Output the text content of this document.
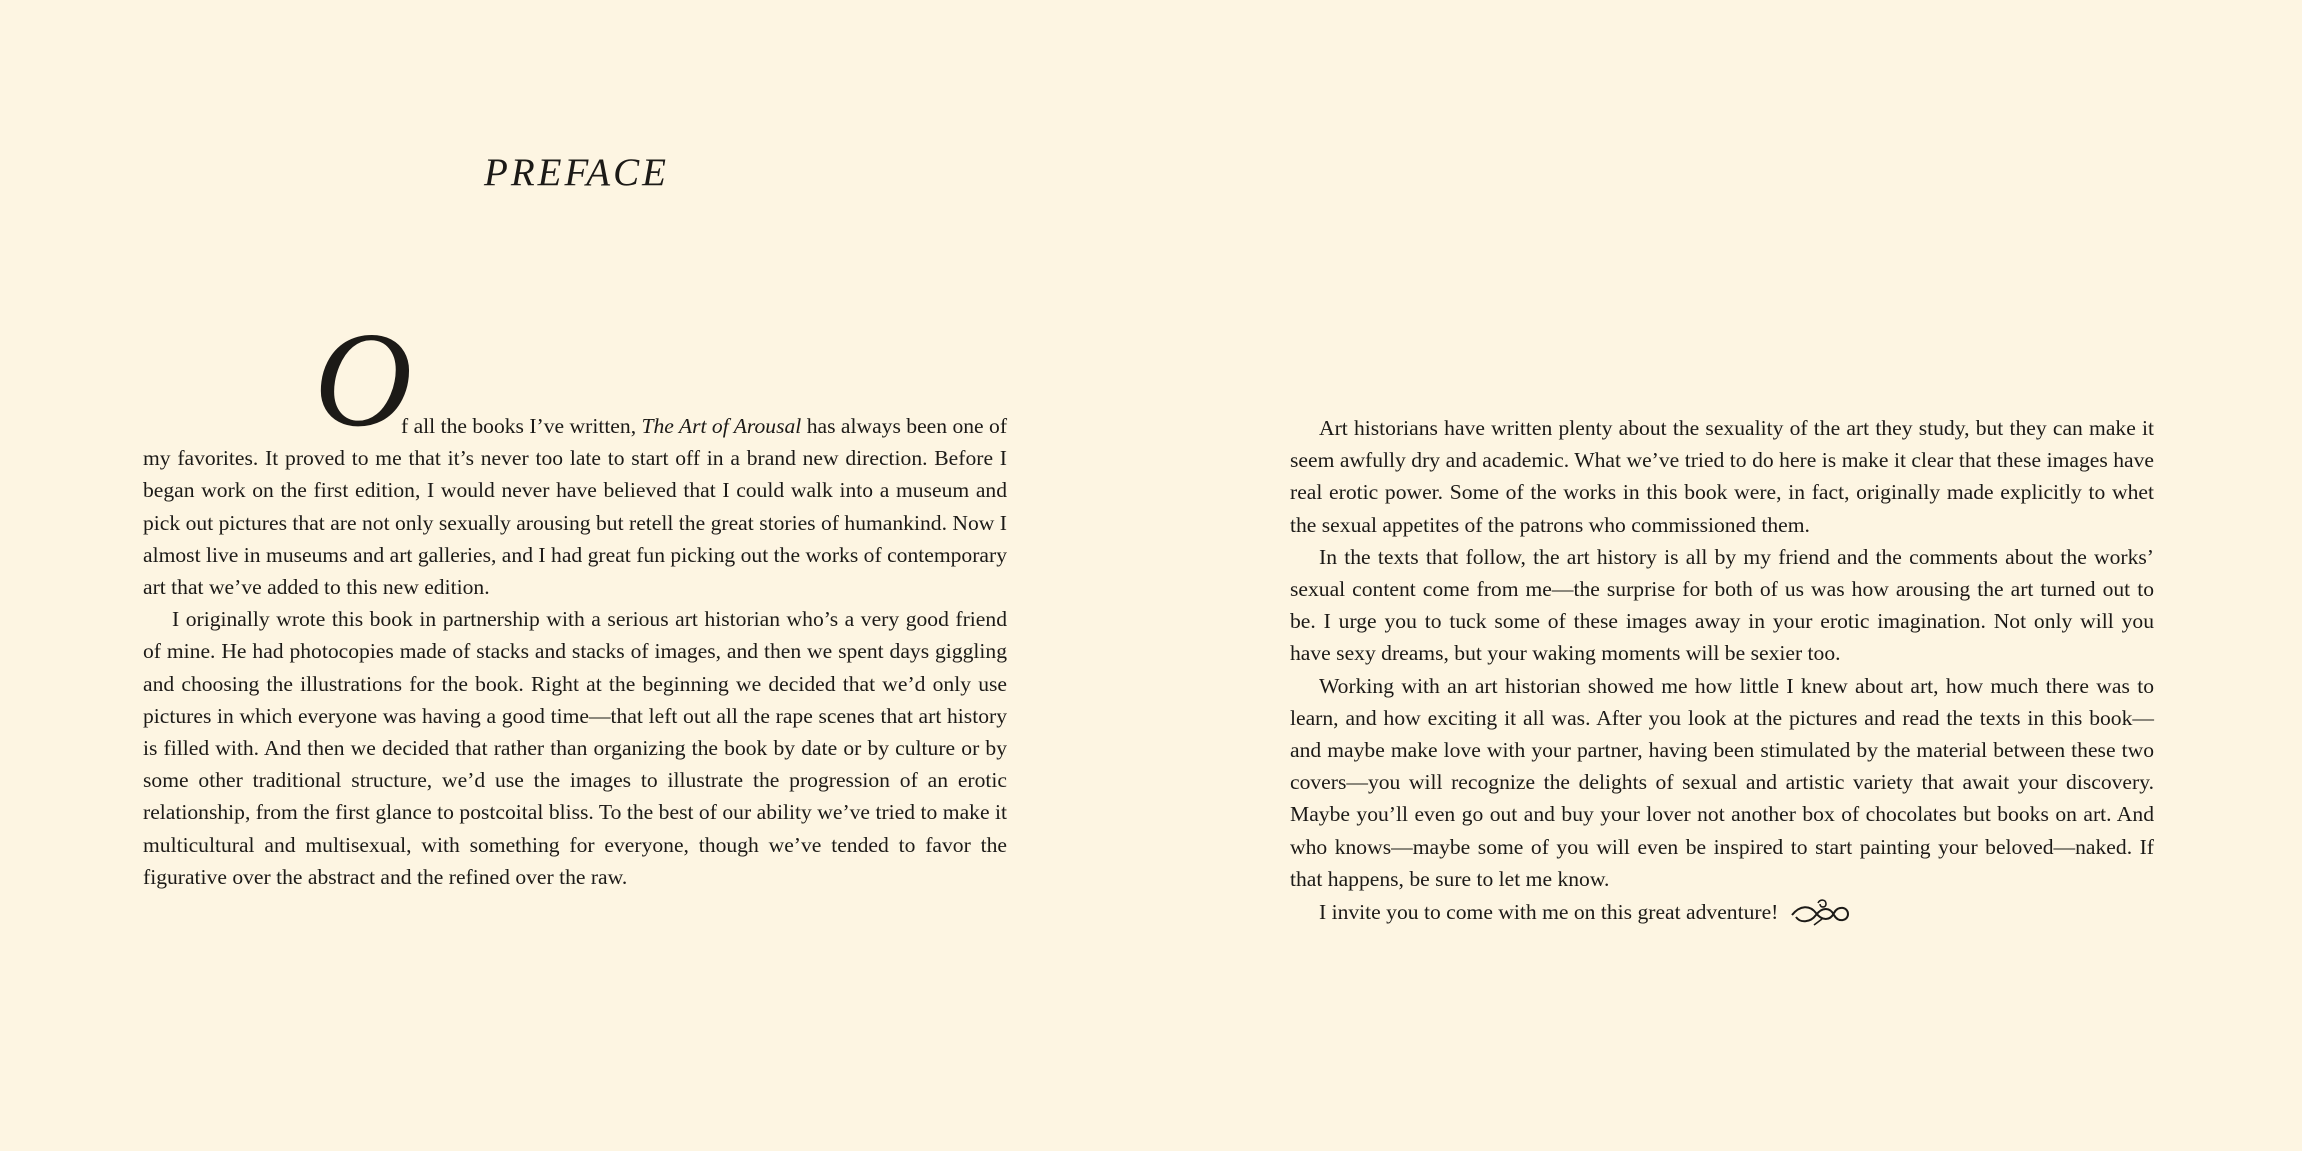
PREFACE
O

f all the books I’ve written, The Art of Arousal has always been one of my favorites. It proved to me that it’s never too late to start off in a brand new direction. Before I began work on the first edition, I would never have believed that I could walk into a museum and pick out pictures that are not only sexually arousing but retell the great stories of humankind. Now I almost live in museums and art galleries, and I had great fun picking out the works of contemporary art that we’ve added to this new edition.

I originally wrote this book in partnership with a serious art historian who’s a very good friend of mine. He had photocopies made of stacks and stacks of images, and then we spent days giggling and choosing the illustrations for the book. Right at the beginning we decided that we’d only use pictures in which everyone was having a good time—that left out all the rape scenes that art history is filled with. And then we decided that rather than organizing the book by date or by culture or by some other traditional structure, we’d use the images to illustrate the progression of an erotic relationship, from the first glance to postcoital bliss. To the best of our ability we’ve tried to make it multicultural and multisexual, with something for everyone, though we’ve tended to favor the figurative over the abstract and the refined over the raw.

Art historians have written plenty about the sexuality of the art they study, but they can make it seem awfully dry and academic. What we’ve tried to do here is make it clear that these images have real erotic power. Some of the works in this book were, in fact, originally made explicitly to whet the sexual appetites of the patrons who commissioned them.

In the texts that follow, the art history is all by my friend and the comments about the works’ sexual content come from me—the surprise for both of us was how arousing the art turned out to be. I urge you to tuck some of these images away in your erotic imagination. Not only will you have sexy dreams, but your waking moments will be sexier too.

Working with an art historian showed me how little I knew about art, how much there was to learn, and how exciting it all was. After you look at the pictures and read the texts in this book—and maybe make love with your partner, having been stimulated by the material between these two covers—you will recognize the delights of sexual and artistic variety that await your discovery. Maybe you’ll even go out and buy your lover not another box of chocolates but books on art. And who knows—maybe some of you will even be inspired to start painting your beloved—naked. If that happens, be sure to let me know.

I invite you to come with me on this great adventure!
